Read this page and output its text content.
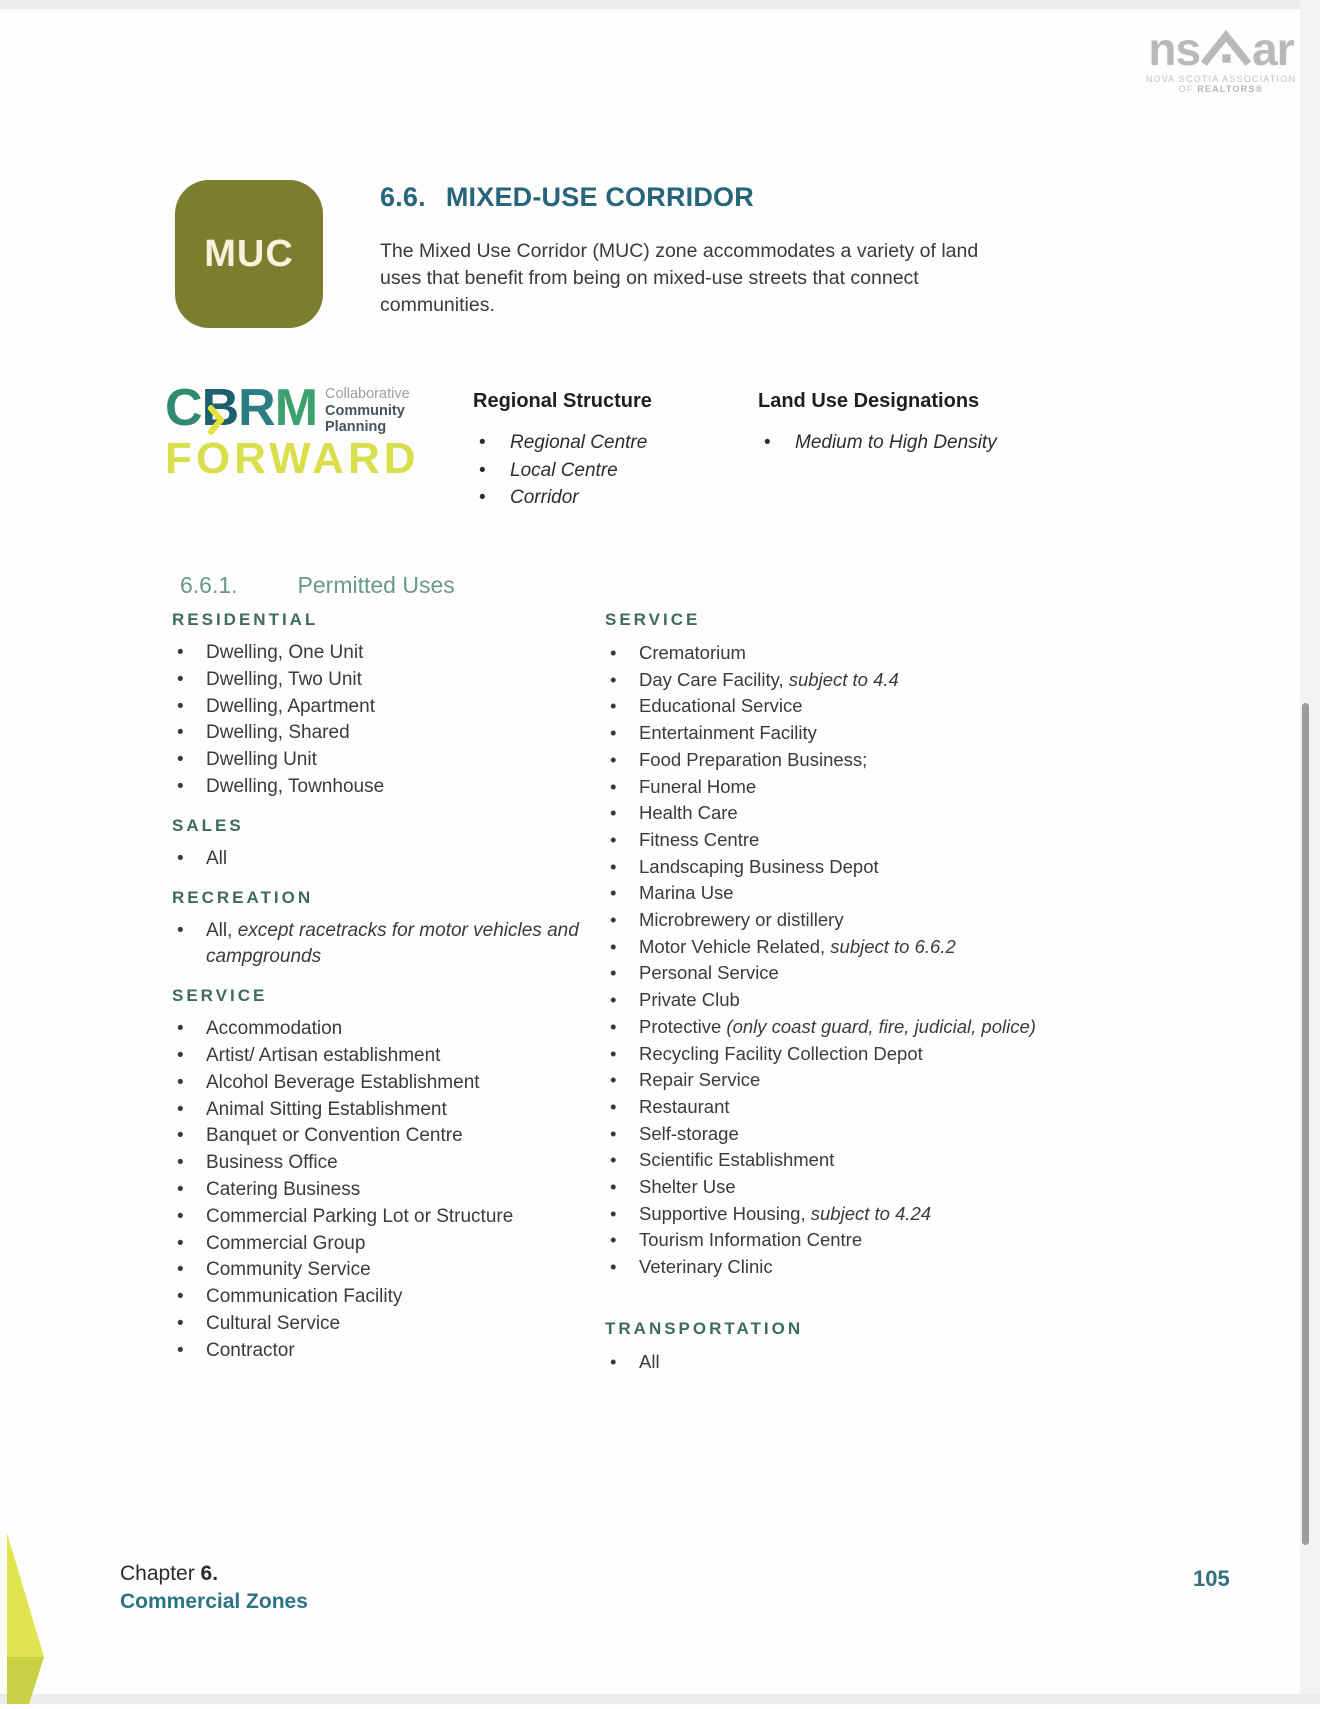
ns ar
NOVA SCOTIA ASSOCIATION
OF REALTORS®
MUC
6.6. MIXED-USE CORRIDOR
The Mixed Use Corridor (MUC) zone accommodates a variety of land uses that benefit from being on mixed-use streets that connect communities.
C B R M Collaborative
Community
Planning
FORWARD
Regional Structure
• Regional Centre
• Local Centre
• Corridor
Land Use Designations
• Medium to High Density
6.6.1.	Permitted Uses
RESIDENTIAL
• Dwelling, One Unit
• Dwelling, Two Unit
• Dwelling, Apartment
• Dwelling, Shared
• Dwelling Unit
• Dwelling, Townhouse
SALES
• All
RECREATION
• All, except racetracks for motor vehicles and campgrounds
SERVICE
• Accommodation
• Artist/ Artisan establishment
• Alcohol Beverage Establishment
• Animal Sitting Establishment
• Banquet or Convention Centre
• Business Office
• Catering Business
• Commercial Parking Lot or Structure
• Commercial Group
• Community Service
• Communication Facility
• Cultural Service
• Contractor
SERVICE
• Crematorium
• Day Care Facility, subject to 4.4
• Educational Service
• Entertainment Facility
• Food Preparation Business;
• Funeral Home
• Health Care
• Fitness Centre
• Landscaping Business Depot
• Marina Use
• Microbrewery or distillery
• Motor Vehicle Related, subject to 6.6.2
• Personal Service
• Private Club
• Protective (only coast guard, fire, judicial, police)
• Recycling Facility Collection Depot
• Repair Service
• Restaurant
• Self-storage
• Scientific Establishment
• Shelter Use
• Supportive Housing, subject to 4.24
• Tourism Information Centre
• Veterinary Clinic
TRANSPORTATION
• All
Chapter 6.
Commercial Zones
105
